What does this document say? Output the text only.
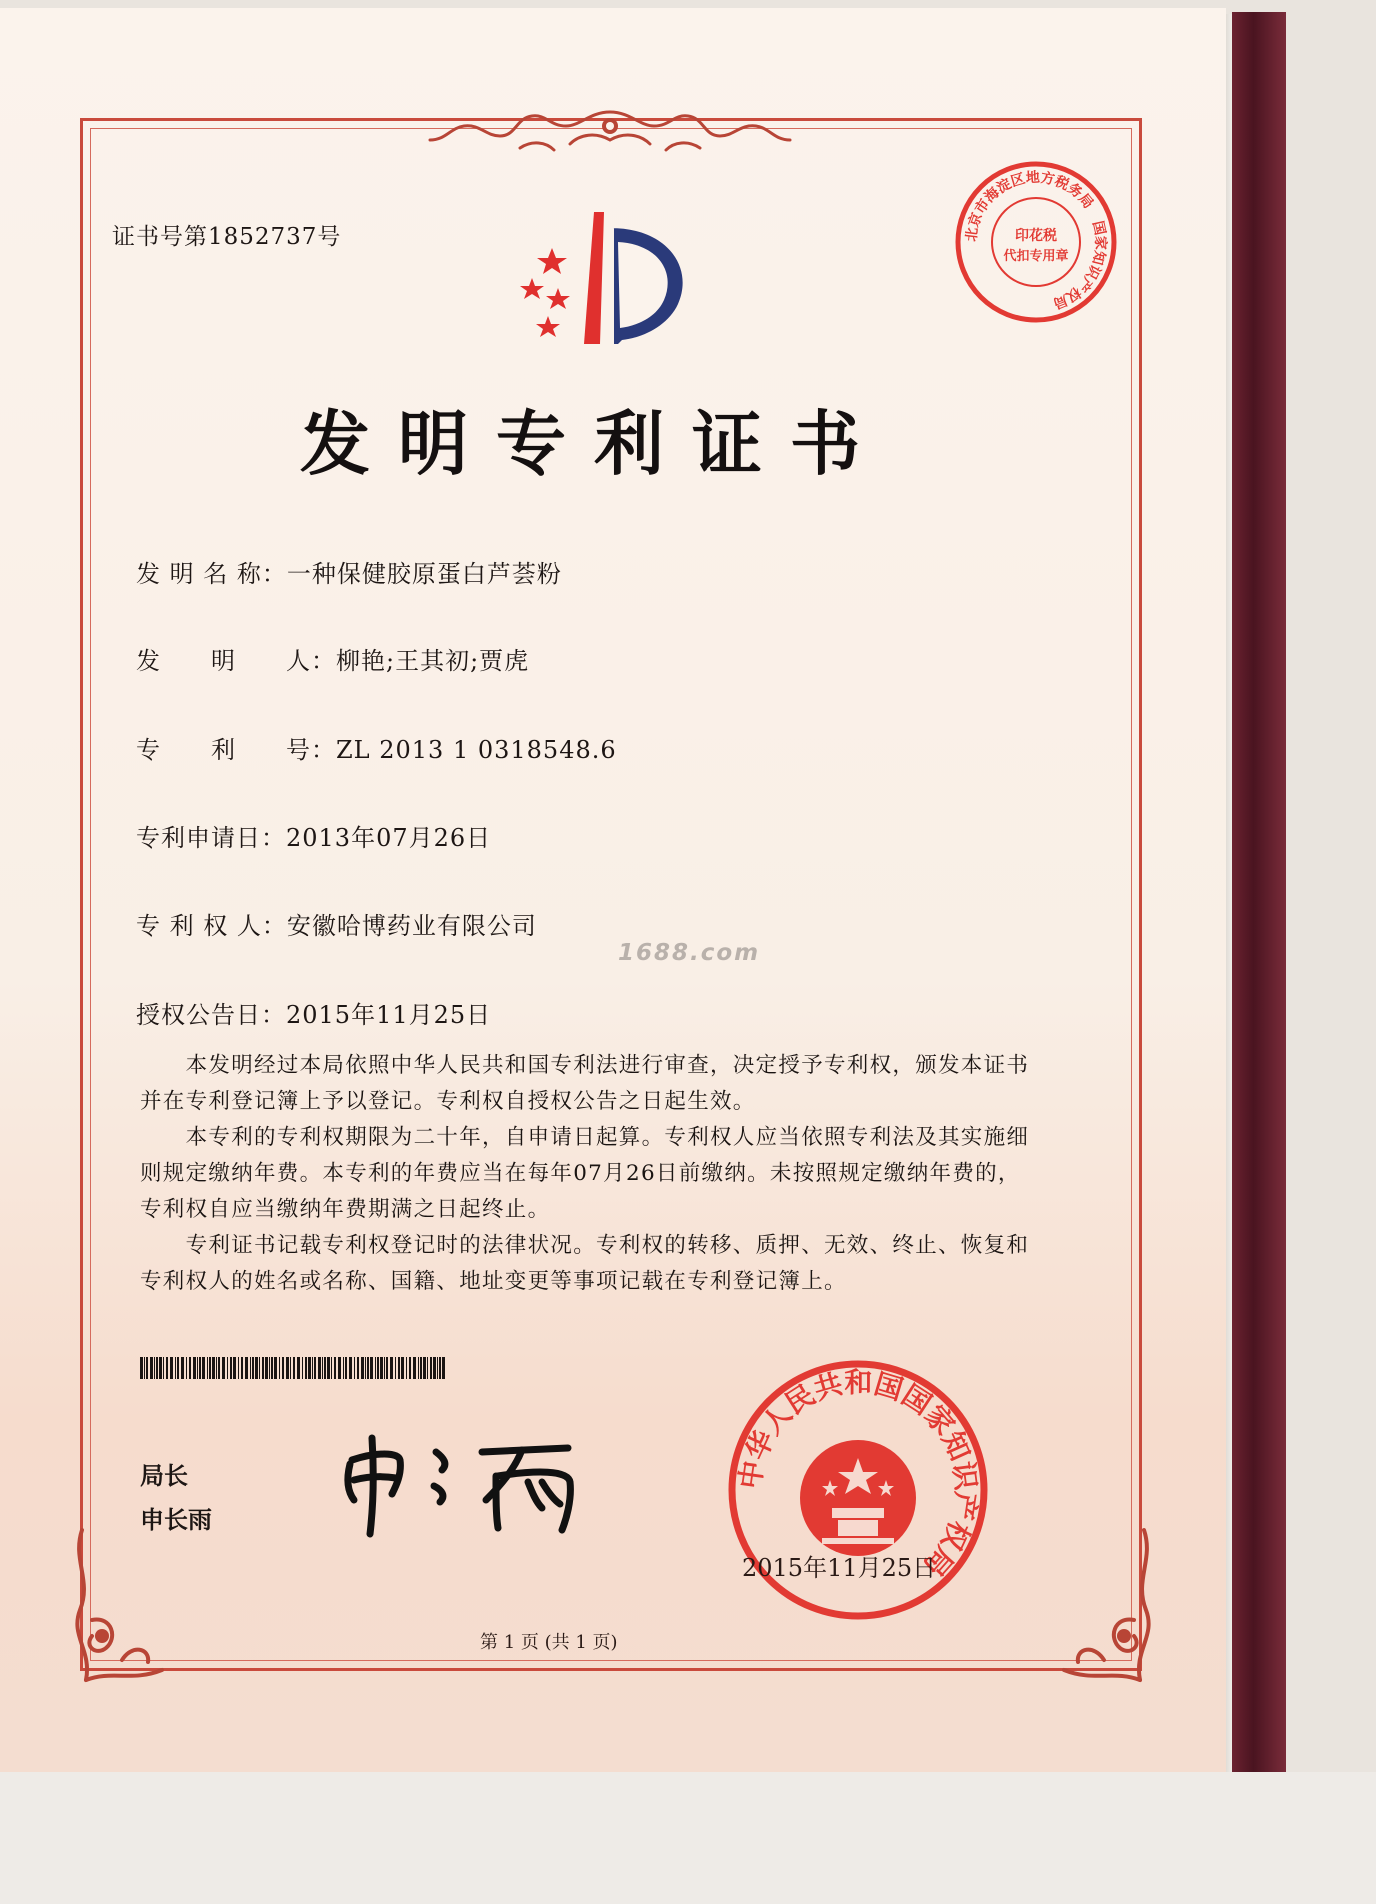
证书号第1852737号	北京市海淀区地方税务局　国家知识产权局
印花税
代扣专用章
发明专利证书
发 明 名 称：一种保健胶原蛋白芦荟粉
发　　明　　人：柳艳;王其初;贾虎
专　　利　　号：ZL 2013 1 0318548.6
专利申请日：2013年07月26日
专 利 权 人：安徽哈博药业有限公司
授权公告日：2015年11月25日
1688.com
　　本发明经过本局依照中华人民共和国专利法进行审查，决定授予专利权，颁发本证书
并在专利登记簿上予以登记。专利权自授权公告之日起生效。
　　本专利的专利权期限为二十年，自申请日起算。专利权人应当依照专利法及其实施细
则规定缴纳年费。本专利的年费应当在每年07月26日前缴纳。未按照规定缴纳年费的，
专利权自应当缴纳年费期满之日起终止。
　　专利证书记载专利权登记时的法律状况。专利权的转移、质押、无效、终止、恢复和
专利权人的姓名或名称、国籍、地址变更等事项记载在专利登记簿上。
局长
申长雨
中华人民共和国国家知识产权局
2015年11月25日
第 1 页 (共 1 页)
